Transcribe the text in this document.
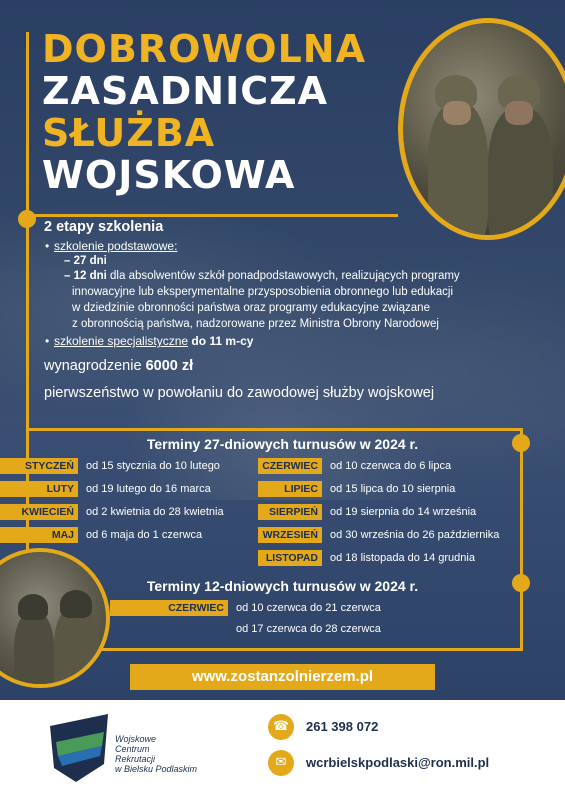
DOBROWOLNA
ZASADNICZA
SŁUŻBA
WOJSKOWA
2 etapy szkolenia
• szkolenie podstawowe:
– 27 dni
– 12 dni dla absolwentów szkół ponadpodstawowych, realizujących programy
innowacyjne lub eksperymentalne przysposobienia obronnego lub edukacji
w dziedzinie obronności państwa oraz programy edukacyjne związane
z obronnością państwa, nadzorowane przez Ministra Obrony Narodowej
• szkolenie specjalistyczne do 11 m-cy
wynagrodzenie 6000 zł
pierwszeństwo w powołaniu do zawodowej służby wojskowej
Terminy 27-dniowych turnusów w 2024 r.
STYCZEŃ	od 15 stycznia do 10 lutego
LUTY	od 19 lutego do 16 marca
KWIECIEŃ	od 2 kwietnia do 28 kwietnia
MAJ	od 6 maja do 1 czerwca
CZERWIEC	od 10 czerwca do 6 lipca
LIPIEC	od 15 lipca do 10 sierpnia
SIERPIEŃ	od 19 sierpnia do 14 września
WRZESIEŃ	od 30 września do 26 października
LISTOPAD	od 18 listopada do 14 grudnia
Terminy 12-dniowych turnusów w 2024 r.
CZERWIEC	od 10 czerwca do 21 czerwca
od 17 czerwca do 28 czerwca
www.zostanzolnierzem.pl
Wojskowe
Centrum
Rekrutacji
w Bielsku Podlaskim
☎	261 398 072
✉	wcrbielskpodlaski@ron.mil.pl
